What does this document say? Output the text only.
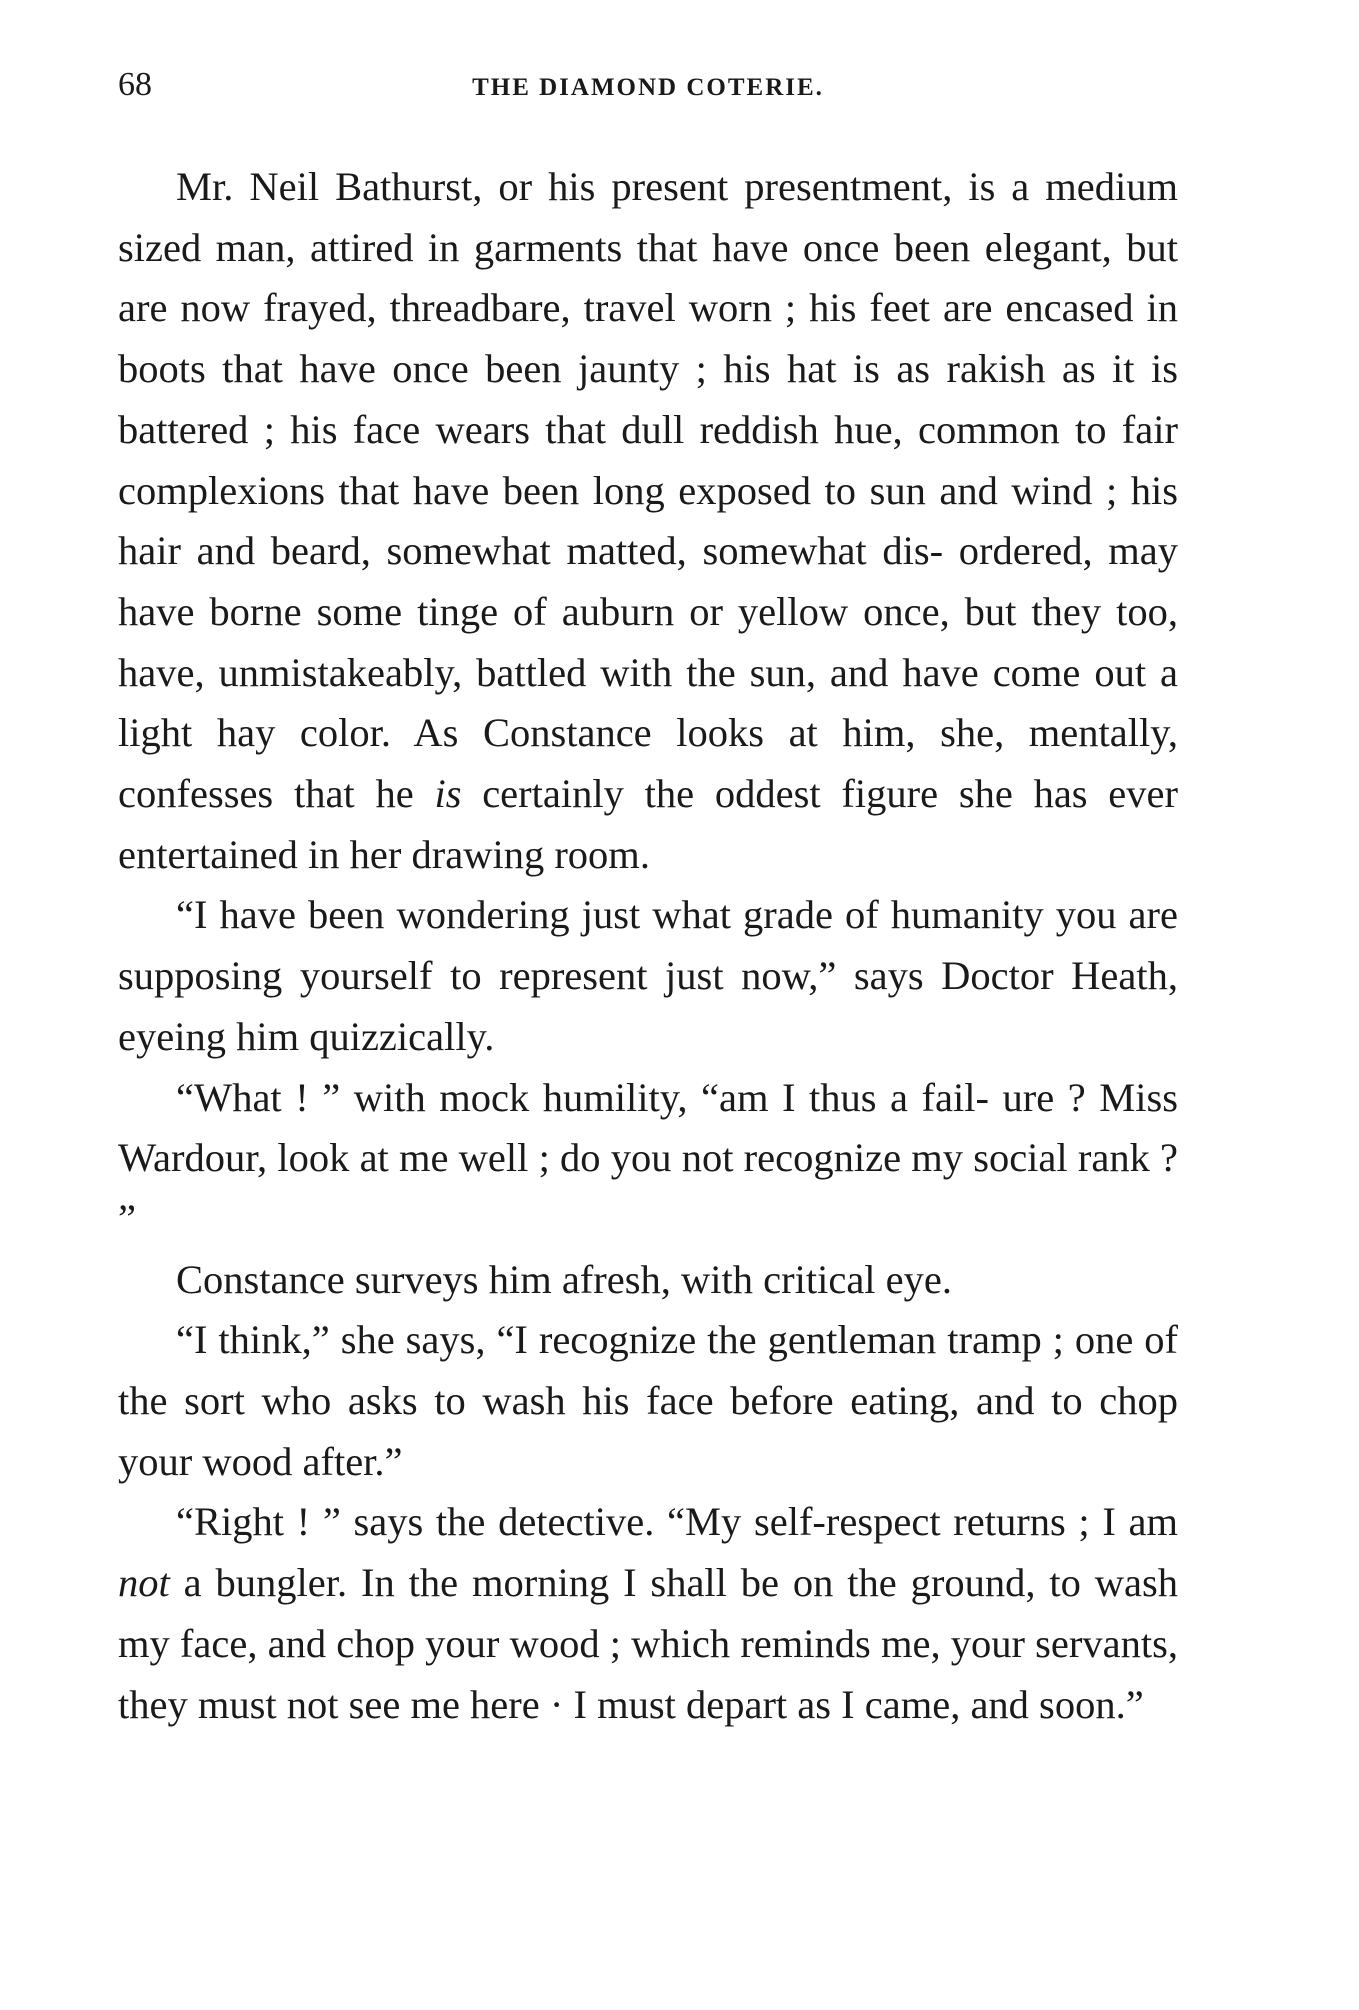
68	THE DIAMOND COTERIE.

Mr. Neil Bathurst, or his present presentment, is a medium sized man, attired in garments that have once been elegant, but are now frayed, threadbare, travel worn ; his feet are encased in boots that have once been jaunty ; his hat is as rakish as it is battered ; his face wears that dull reddish hue, common to fair complexions that have been long exposed to sun and wind ; his hair and beard, somewhat matted, somewhat dis- ordered, may have borne some tinge of auburn or yellow once, but they too, have, unmistakeably, battled with the sun, and have come out a light hay color. As Constance looks at him, she, mentally, confesses that he is certainly the oddest figure she has ever entertained in her drawing room.

“I have been wondering just what grade of humanity you are supposing yourself to represent just now,” says Doctor Heath, eyeing him quizzically.

“What ! ” with mock humility, “am I thus a fail- ure ? Miss Wardour, look at me well ; do you not recognize my social rank ? ”

Constance surveys him afresh, with critical eye.

“I think,” she says, “I recognize the gentleman tramp ; one of the sort who asks to wash his face before eating, and to chop your wood after.”

“Right ! ” says the detective. “My self-respect returns ; I am not a bungler. In the morning I shall be on the ground, to wash my face, and chop your wood ; which reminds me, your servants, they must not see me here · I must depart as I came, and soon.”
